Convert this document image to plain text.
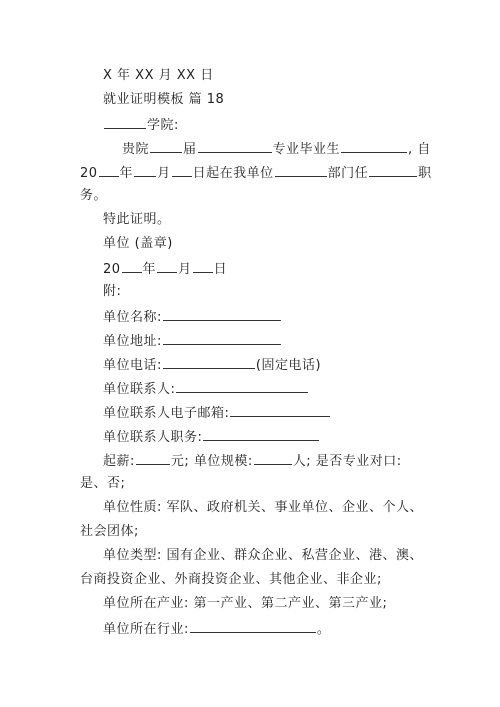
X 年 XX 月 XX 日
就业证明模板 篇 18
学院:
贵院	届	专业毕业生	, 自
20 年 月 日起在我单位	部门任	职
务。
特此证明。
单位 (盖章)
20 年 月 日
附:
单位名称:
单位地址:
单位电话:	(固定电话)
单位联系人:
单位联系人电子邮箱:
单位联系人职务:
起薪:	元; 单位规模:	人; 是否专业对口:
是、否;
单位性质: 军队、政府机关、事业单位、企业、个人、
社会团体;
单位类型: 国有企业、群众企业、私营企业、港、澳、
台商投资企业、外商投资企业、其他企业、非企业;
单位所在产业: 第一产业、第二产业、第三产业;
单位所在行业:	。
